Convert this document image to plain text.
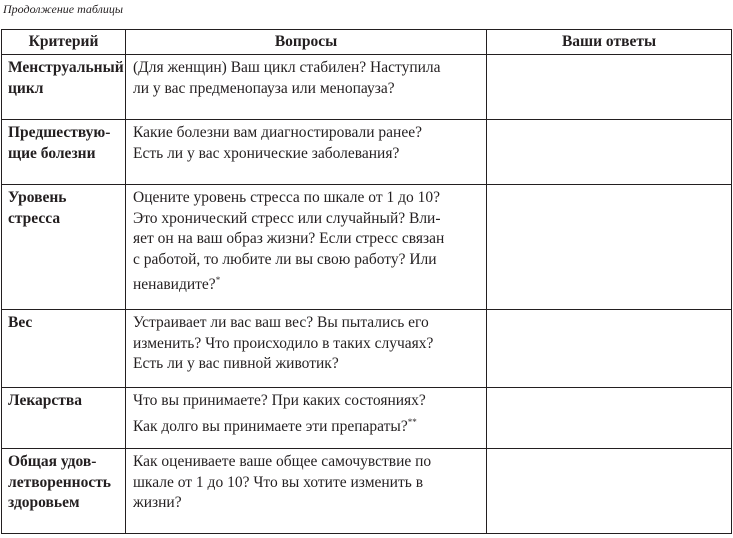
Продолжение таблицы
Критерий	Вопросы	Ваши ответы
Менструальный
цикл	(Для женщин) Ваш цикл стабилен? Наступила
ли у вас предменопауза или менопауза?	
Предшествую-
щие болезни	Какие болезни вам диагностировали ранее?
Есть ли у вас хронические заболевания?	
Уровень
стресса	Оцените уровень стресса по шкале от 1 до 10?
Это хронический стресс или случайный? Вли-
яет он на ваш образ жизни? Если стресс связан
с работой, то любите ли вы свою работу? Или
ненавидите?*	
Вес	Устраивает ли вас ваш вес? Вы пытались его
изменить? Что происходило в таких случаях?
Есть ли у вас пивной животик?	
Лекарства	Что вы принимаете? При каких состояниях?
Как долго вы принимаете эти препараты?**	
Общая удов-
летворенность
здоровьем	Как оцениваете ваше общее самочувствие по
шкале от 1 до 10? Что вы хотите изменить в
жизни?	
